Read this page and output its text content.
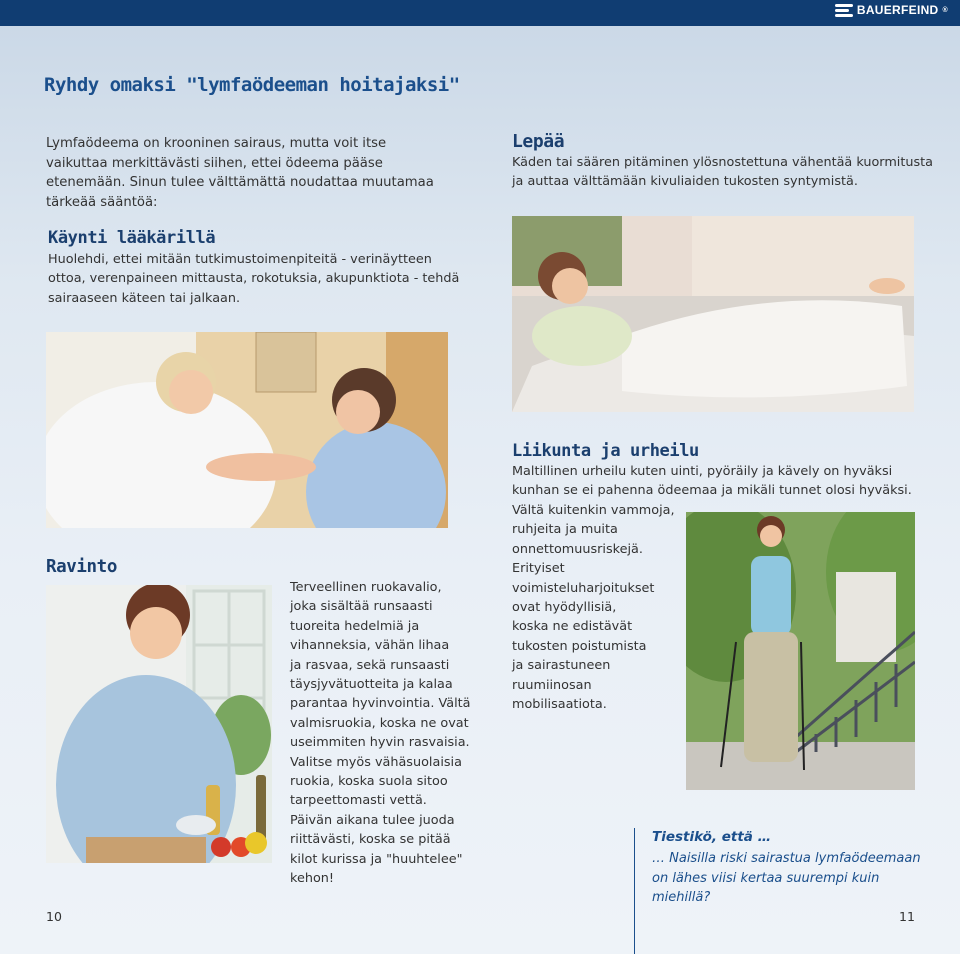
BAUERFEIND ®
Ryhdy omaksi "lymfaödeeman hoitajaksi"
Lymfaödeema on krooninen sairaus, mutta voit itse
vaikuttaa merkittävästi siihen, ettei ödeema pääse
etenemään. Sinun tulee välttämättä noudattaa muutamaa
tärkeää sääntöä:
Käynti lääkärillä
Huolehdi, ettei mitään tutkimustoimenpiteitä - verinäytteen
ottoa, verenpaineen mittausta, rokotuksia, akupunktiota - tehdä
sairaaseen käteen tai jalkaan.
Lepää
Käden tai säären pitäminen ylösnostettuna vähentää kuormitusta
ja auttaa välttämään kivuliaiden tukosten syntymistä.
Ravinto
Terveellinen ruokavalio,
joka sisältää runsaasti
tuoreita hedelmiä ja
vihanneksia, vähän lihaa
ja rasvaa, sekä runsaasti
täysjyvätuotteita ja kalaa
parantaa hyvinvointia. Vältä
valmisruokia, koska ne ovat
useimmiten hyvin rasvaisia.
Valitse myös vähäsuolaisia
ruokia, koska suola sitoo
tarpeettomasti vettä.
Päivän aikana tulee juoda
riittävästi, koska se pitää
kilot kurissa ja "huuhtelee"
kehon!
Liikunta ja urheilu
Maltillinen urheilu kuten uinti, pyöräily ja kävely on hyväksi
kunhan se ei pahenna ödeemaa ja mikäli tunnet olosi hyväksi.
Vältä kuitenkin vammoja,
ruhjeita ja muita
onnettomuusriskejä.
Erityiset
voimisteluharjoitukset
ovat hyödyllisiä,
koska ne edistävät
tukosten poistumista
ja sairastuneen
ruumiinosan
mobilisaatiota.
Tiestikö, että …
… Naisilla riski sairastua lymfaödeemaan
on lähes viisi kertaa suurempi kuin
miehillä?
10	11
